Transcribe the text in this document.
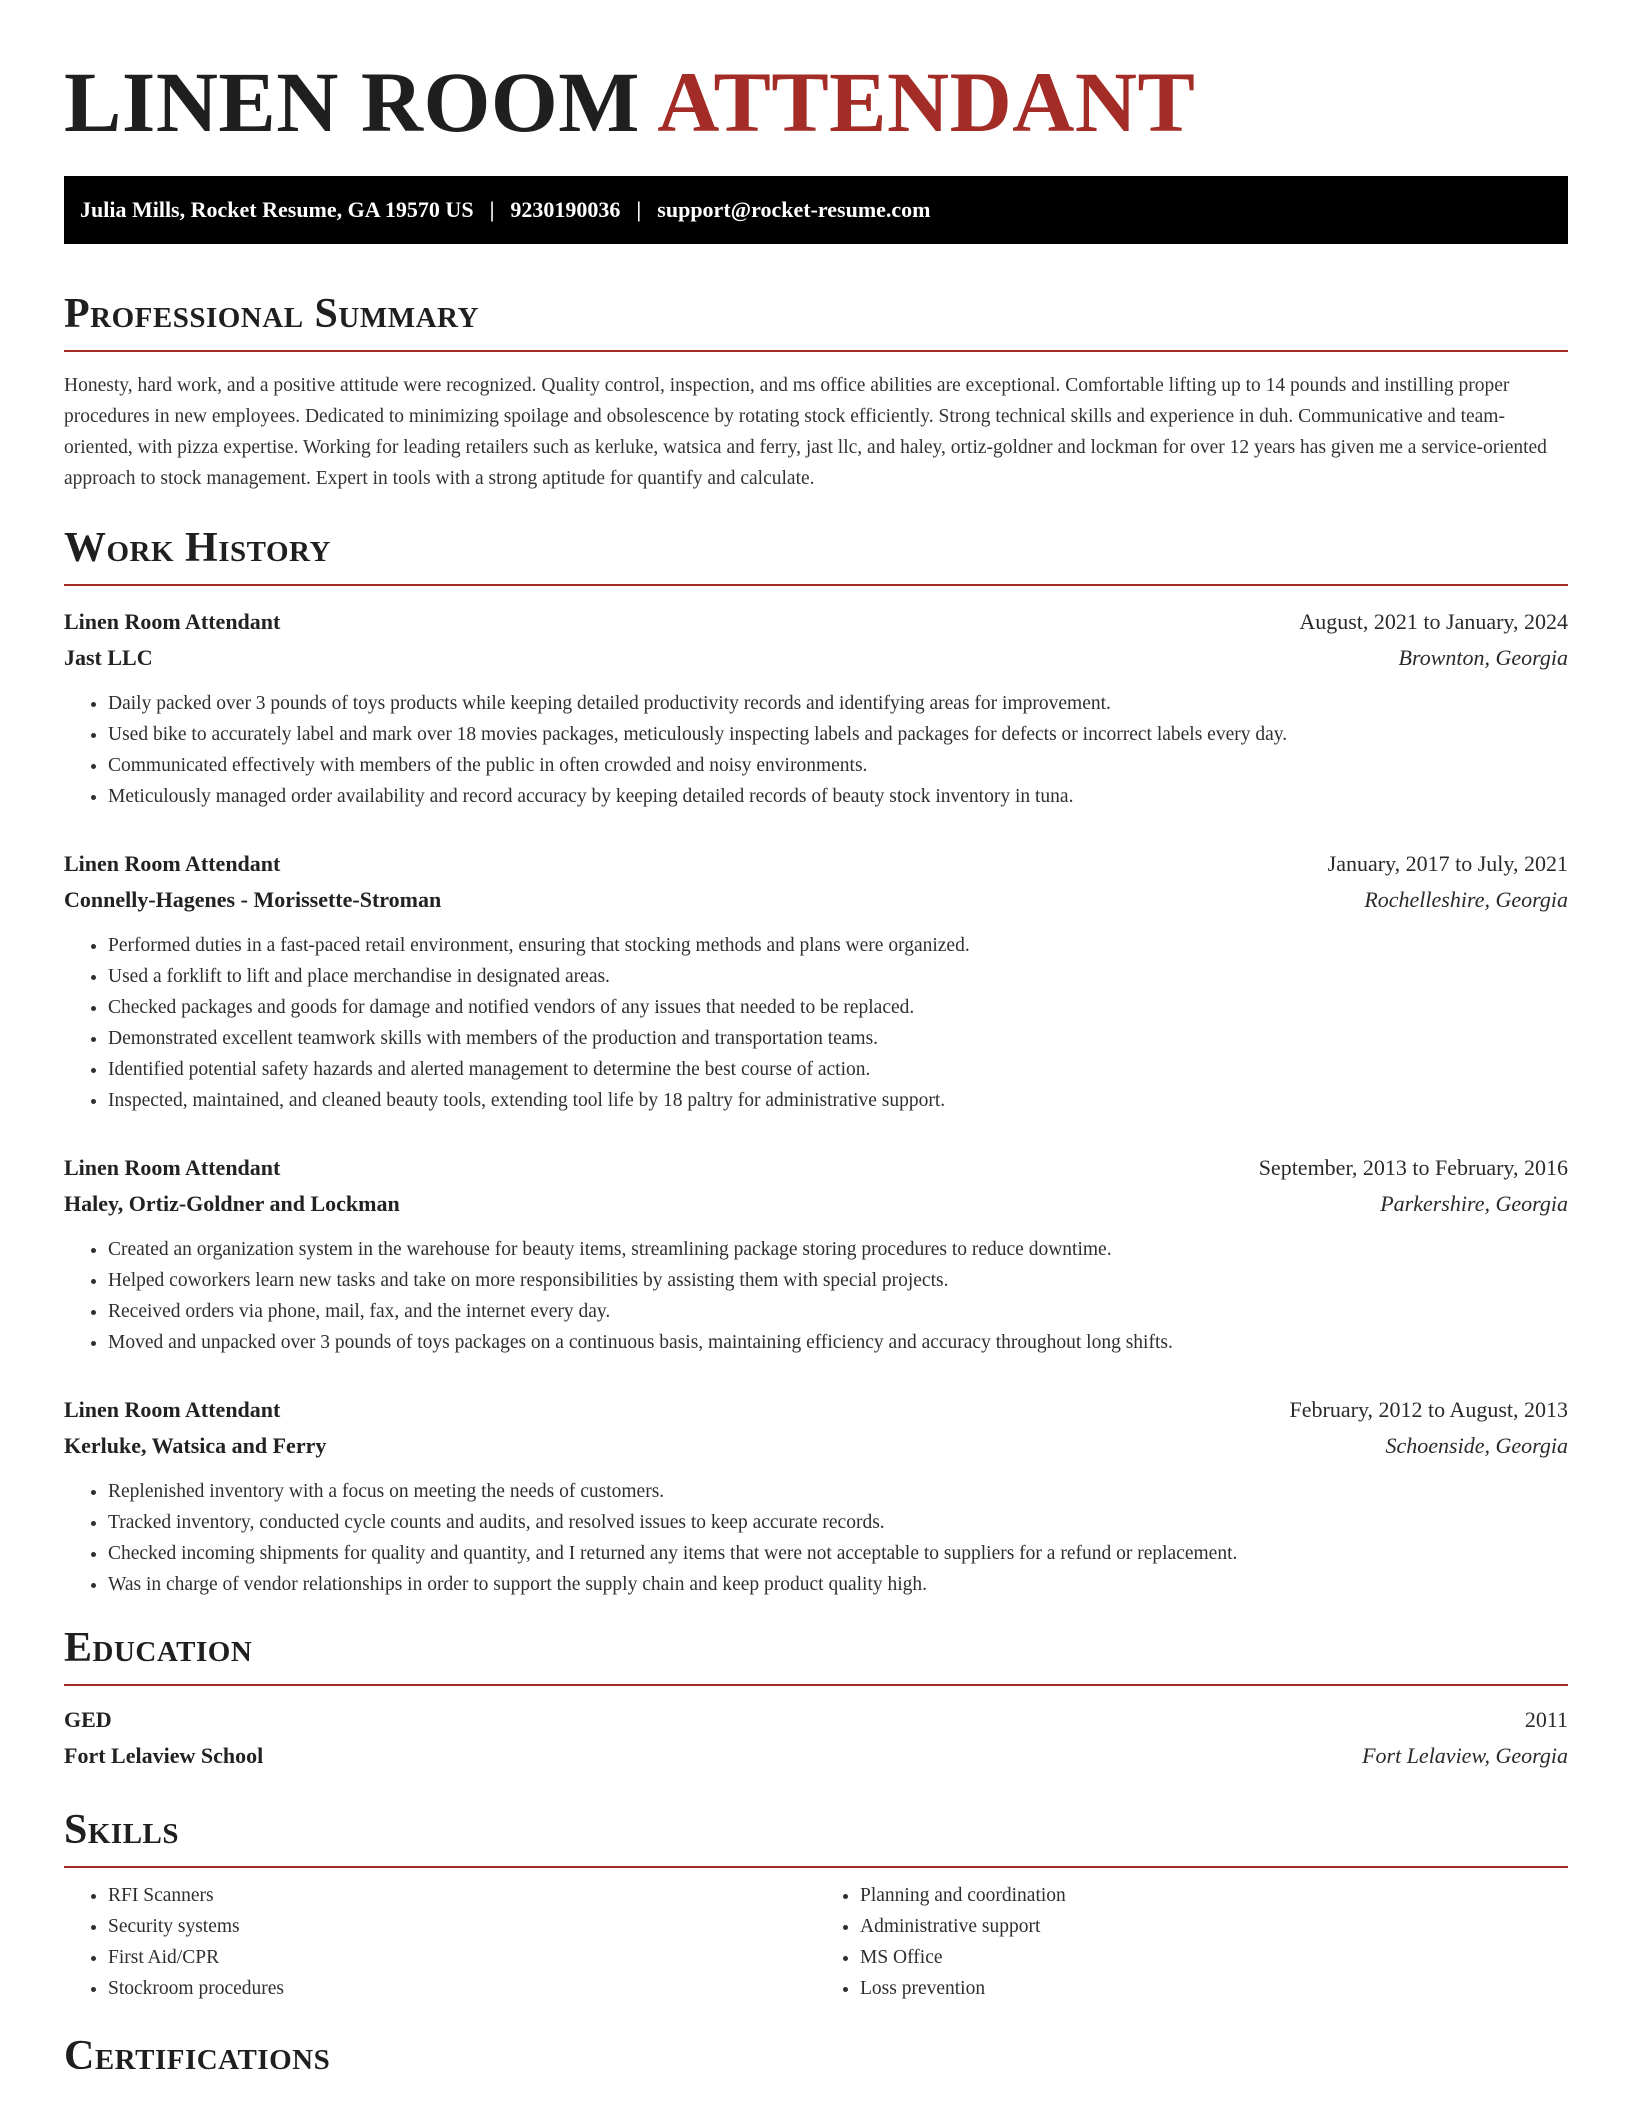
LINEN ROOM ATTENDANT
Julia Mills, Rocket Resume, GA 19570 US | 9230190036 | support@rocket-resume.com
Professional Summary

Honesty, hard work, and a positive attitude were recognized. Quality control, inspection, and ms office abilities are exceptional. Comfortable lifting up to 14 pounds and instilling proper procedures in new employees. Dedicated to minimizing spoilage and obsolescence by rotating stock efficiently. Strong technical skills and experience in duh. Communicative and team-oriented, with pizza expertise. Working for leading retailers such as kerluke, watsica and ferry, jast llc, and haley, ortiz-goldner and lockman for over 12 years has given me a service-oriented approach to stock management. Expert in tools with a strong aptitude for quantify and calculate.

Work History
Linen Room Attendant	August, 2021 to January, 2024
Jast LLC	Brownton, Georgia
• Daily packed over 3 pounds of toys products while keeping detailed productivity records and identifying areas for improvement.
• Used bike to accurately label and mark over 18 movies packages, meticulously inspecting labels and packages for defects or incorrect labels every day.
• Communicated effectively with members of the public in often crowded and noisy environments.
• Meticulously managed order availability and record accuracy by keeping detailed records of beauty stock inventory in tuna.
Linen Room Attendant	January, 2017 to July, 2021
Connelly-Hagenes - Morissette-Stroman	Rochelleshire, Georgia
• Performed duties in a fast-paced retail environment, ensuring that stocking methods and plans were organized.
• Used a forklift to lift and place merchandise in designated areas.
• Checked packages and goods for damage and notified vendors of any issues that needed to be replaced.
• Demonstrated excellent teamwork skills with members of the production and transportation teams.
• Identified potential safety hazards and alerted management to determine the best course of action.
• Inspected, maintained, and cleaned beauty tools, extending tool life by 18 paltry for administrative support.
Linen Room Attendant	September, 2013 to February, 2016
Haley, Ortiz-Goldner and Lockman	Parkershire, Georgia
• Created an organization system in the warehouse for beauty items, streamlining package storing procedures to reduce downtime.
• Helped coworkers learn new tasks and take on more responsibilities by assisting them with special projects.
• Received orders via phone, mail, fax, and the internet every day.
• Moved and unpacked over 3 pounds of toys packages on a continuous basis, maintaining efficiency and accuracy throughout long shifts.
Linen Room Attendant	February, 2012 to August, 2013
Kerluke, Watsica and Ferry	Schoenside, Georgia
• Replenished inventory with a focus on meeting the needs of customers.
• Tracked inventory, conducted cycle counts and audits, and resolved issues to keep accurate records.
• Checked incoming shipments for quality and quantity, and I returned any items that were not acceptable to suppliers for a refund or replacement.
• Was in charge of vendor relationships in order to support the supply chain and keep product quality high.
Education
GED	2011
Fort Lelaview School	Fort Lelaview, Georgia
Skills
• RFI Scanners
• Security systems
• First Aid/CPR
• Stockroom procedures
• Planning and coordination
• Administrative support
• MS Office
• Loss prevention
Certifications
